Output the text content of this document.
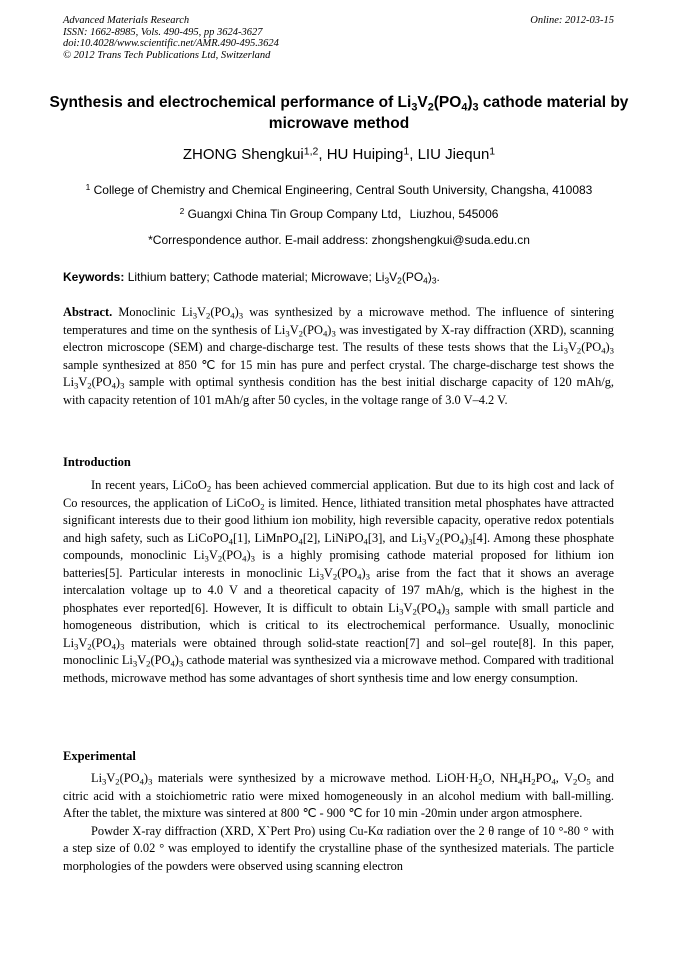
Advanced Materials Research
ISSN: 1662-8985, Vols. 490-495, pp 3624-3627
doi:10.4028/www.scientific.net/AMR.490-495.3624
© 2012 Trans Tech Publications Ltd, Switzerland
Online: 2012-03-15
Synthesis and electrochemical performance of $Li_3V_2(PO_4)_3$ cathode material by microwave method
ZHONG Shengkui$^{1,2}$, HU Huiping$^1$, LIU Jiequn$^1$
$^1$ College of Chemistry and Chemical Engineering, Central South University, Changsha, 410083
$^2$ Guangxi China Tin Group Company Ltd，Liuzhou, 545006
*Correspondence author. E-mail address: zhongshengkui@suda.edu.cn
Keywords: Lithium battery; Cathode material; Microwave; $Li_3V_2(PO_4)_3$.
Abstract. Monoclinic $Li_3V_2(PO_4)_3$ was synthesized by a microwave method. The influence of sintering temperatures and time on the synthesis of $Li_3V_2(PO_4)_3$ was investigated by X-ray diffraction (XRD), scanning electron microscope (SEM) and charge-discharge test. The results of these tests shows that the $Li_3V_2(PO_4)_3$ sample synthesized at 850 ℃ for 15 min has pure and perfect crystal. The charge-discharge test shows the $Li_3V_2(PO_4)_3$ sample with optimal synthesis condition has the best initial discharge capacity of 120 mAh/g, with capacity retention of 101 mAh/g after 50 cycles, in the voltage range of 3.0 V–4.2 V.
Introduction

In recent years, LiCoO$_2$ has been achieved commercial application. But due to its high cost and lack of Co resources, the application of LiCoO$_2$ is limited. Hence, lithiated transition metal phosphates have attracted significant interests due to their good lithium ion mobility, high reversible capacity, operative redox potentials and high safety, such as LiCoPO$_4$[1], LiMnPO$_4$[2], LiNiPO$_4$[3], and $Li_3V_2(PO_4)_3[4]$. Among these phosphate compounds, monoclinic $Li_3V_2(PO_4)_3$ is a highly promising cathode material proposed for lithium ion batteries[5]. Particular interests in monoclinic $Li_3V_2(PO_4)_3$ arise from the fact that it shows an average intercalation voltage up to 4.0 V and a theoretical capacity of 197 mAh/g, which is the highest in the phosphates ever reported[6]. However, It is difficult to obtain $Li_3V_2(PO_4)_3$ sample with small particle and homogeneous distribution, which is critical to its electrochemical performance. Usually, monoclinic $Li_3V_2(PO_4)_3$ materials were obtained through solid-state reaction[7] and sol–gel route[8]. In this paper, monoclinic $Li_3V_2(PO_4)_3$ cathode material was synthesized via a microwave method. Compared with traditional methods, microwave method has some advantages of short synthesis time and low energy consumption.

Experimental

$Li_3V_2(PO_4)_3$ materials were synthesized by a microwave method. $LiOH\cdot H_2O$, $NH_4H_2PO_4$, $V_2O_5$ and citric acid with a stoichiometric ratio were mixed homogeneously in an alcohol medium with ball-milling. After the tablet, the mixture was sintered at 800 ℃ - 900 ℃ for 10 min -20min under argon atmosphere.

Powder X-ray diffraction (XRD, X`Pert Pro) using Cu-Kα radiation over the 2 θ range of 10 °-80 ° with a step size of 0.02 ° was employed to identify the crystalline phase of the synthesized materials. The particle morphologies of the powders were observed using scanning electron
